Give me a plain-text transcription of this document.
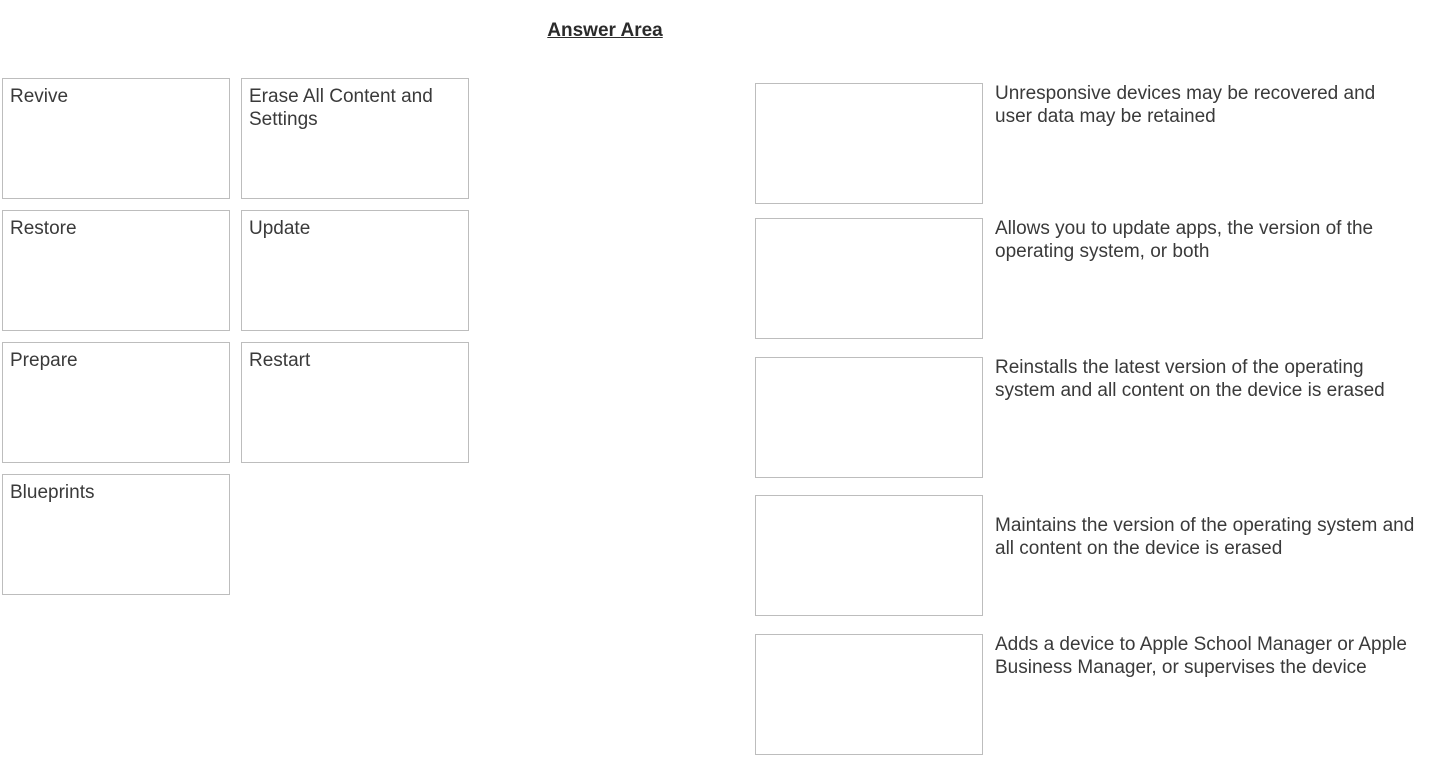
Answer Area
Revive	Erase All Content and Settings
Restore	Update
Prepare	Restart
Blueprints
Unresponsive devices may be recovered and user data may be retained
Allows you to update apps, the version of the operating system, or both
Reinstalls the latest version of the operating system and all content on the device is erased
Maintains the version of the operating system and all content on the device is erased
Adds a device to Apple School Manager or Apple Business Manager, or supervises the device
